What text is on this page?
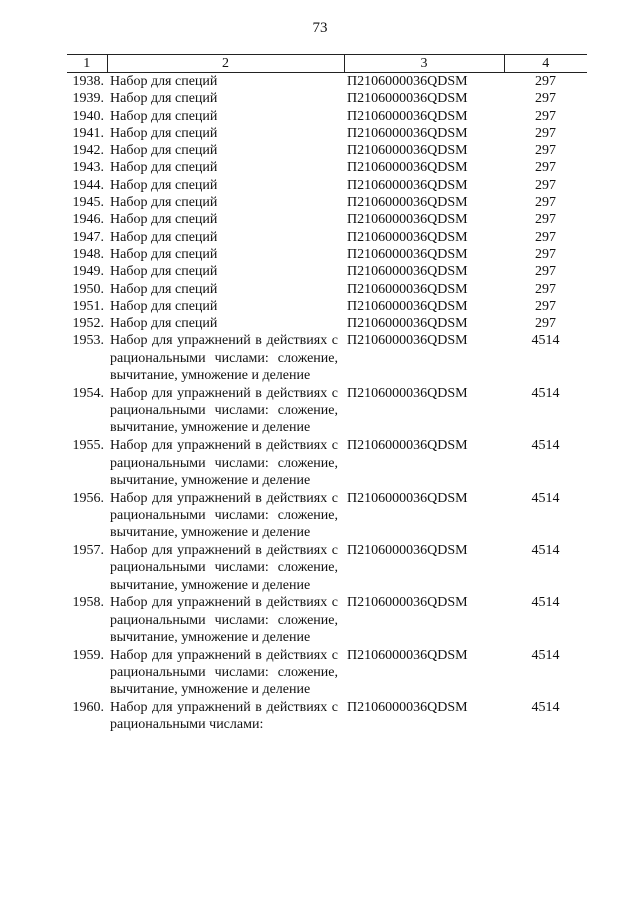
73
1	2	3	4
1938.	Набор для специй	П2106000036QDSM	297
1939.	Набор для специй	П2106000036QDSM	297
1940.	Набор для специй	П2106000036QDSM	297
1941.	Набор для специй	П2106000036QDSM	297
1942.	Набор для специй	П2106000036QDSM	297
1943.	Набор для специй	П2106000036QDSM	297
1944.	Набор для специй	П2106000036QDSM	297
1945.	Набор для специй	П2106000036QDSM	297
1946.	Набор для специй	П2106000036QDSM	297
1947.	Набор для специй	П2106000036QDSM	297
1948.	Набор для специй	П2106000036QDSM	297
1949.	Набор для специй	П2106000036QDSM	297
1950.	Набор для специй	П2106000036QDSM	297
1951.	Набор для специй	П2106000036QDSM	297
1952.	Набор для специй	П2106000036QDSM	297
1953.	Набор для упражнений в действиях с рациональными числами: сложение, вычитание, умножение и деление	П2106000036QDSM	4514
1954.	Набор для упражнений в действиях с рациональными числами: сложение, вычитание, умножение и деление	П2106000036QDSM	4514
1955.	Набор для упражнений в действиях с рациональными числами: сложение, вычитание, умножение и деление	П2106000036QDSM	4514
1956.	Набор для упражнений в действиях с рациональными числами: сложение, вычитание, умножение и деление	П2106000036QDSM	4514
1957.	Набор для упражнений в действиях с рациональными числами: сложение, вычитание, умножение и деление	П2106000036QDSM	4514
1958.	Набор для упражнений в действиях с рациональными числами: сложение, вычитание, умножение и деление	П2106000036QDSM	4514
1959.	Набор для упражнений в действиях с рациональными числами: сложение, вычитание, умножение и деление	П2106000036QDSM	4514
1960.	Набор для упражнений в действиях с рациональными числами:	П2106000036QDSM	4514
